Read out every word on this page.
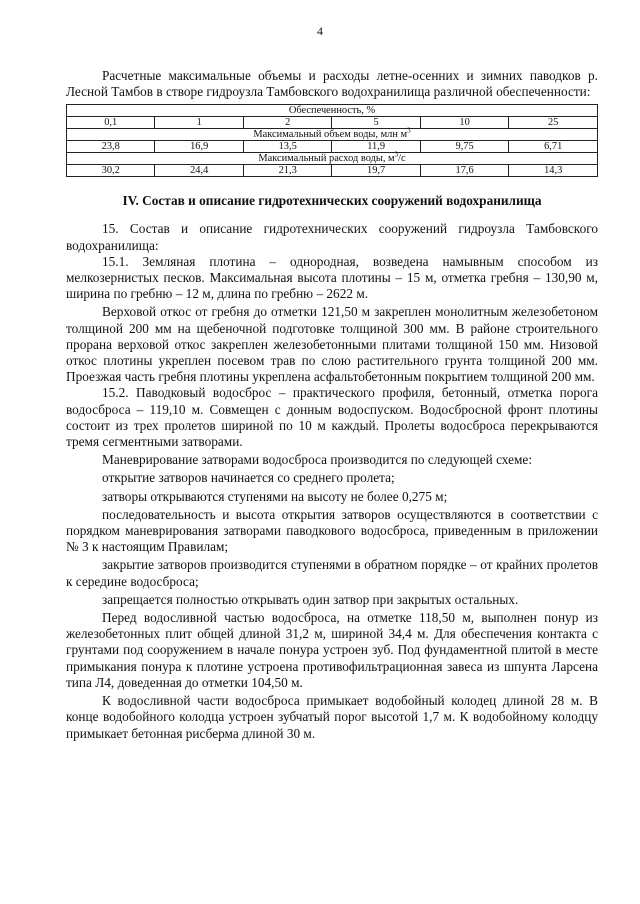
4

Расчетные максимальные объемы и расходы летне-осенних и зимних паводков р. Лесной Тамбов в створе гидроузла Тамбовского водохранилища различной обеспеченности:

Обеспеченность, %					
0,1	1	2	5	10	25
Максимальный объем воды, млн $м^3$
23,8	16,9	13,5	11,9	9,75	6,71
Максимальный расход воды, $м^3/с$					
30,2	24,4	21,3	19,7	17,6	14,3
IV. Состав и описание гидротехнических сооружений водохранилища

15. Состав и описание гидротехнических сооружений гидроузла Тамбовского водохранилища:

15.1. Земляная плотина – однородная, возведена намывным способом из мелкозернистых песков. Максимальная высота плотины – 15 м, отметка гребня – 130,90 м, ширина по гребню – 12 м, длина по гребню – 2622 м.

Верховой откос от гребня до отметки 121,50 м закреплен монолитным железобетоном толщиной 200 мм на щебеночной подготовке толщиной 300 мм. В районе строительного прорана верховой откос закреплен железобетонными плитами толщиной 150 мм. Низовой откос плотины укреплен посевом трав по слою растительного грунта толщиной 200 мм. Проезжая часть гребня плотины укреплена асфальтобетонным покрытием толщиной 200 мм.

15.2. Паводковый водосброс – практического профиля, бетонный, отметка порога водосброса – 119,10 м. Совмещен с донным водоспуском. Водосбросной фронт плотины состоит из трех пролетов шириной по 10 м каждый. Пролеты водосброса перекрываются тремя сегментными затворами.

Маневрирование затворами водосброса производится по следующей схеме:

открытие затворов начинается со среднего пролета;

затворы открываются ступенями на высоту не более 0,275 м;

последовательность и высота открытия затворов осуществляются в соответствии с порядком маневрирования затворами паводкового водосброса, приведенным в приложении № 3 к настоящим Правилам;

закрытие затворов производится ступенями в обратном порядке – от крайних пролетов к середине водосброса;

запрещается полностью открывать один затвор при закрытых остальных.

Перед водосливной частью водосброса, на отметке 118,50 м, выполнен понур из железобетонных плит общей длиной 31,2 м, шириной 34,4 м. Для обеспечения контакта с грунтами под сооружением в начале понура устроен зуб. Под фундаментной плитой в месте примыкания понура к плотине устроена противофильтрационная завеса из шпунта Ларсена типа Л4, доведенная до отметки 104,50 м.

К водосливной части водосброса примыкает водобойный колодец длиной 28 м. В конце водобойного колодца устроен зубчатый порог высотой 1,7 м. К водобойному колодцу примыкает бетонная рисберма длиной 30 м.
